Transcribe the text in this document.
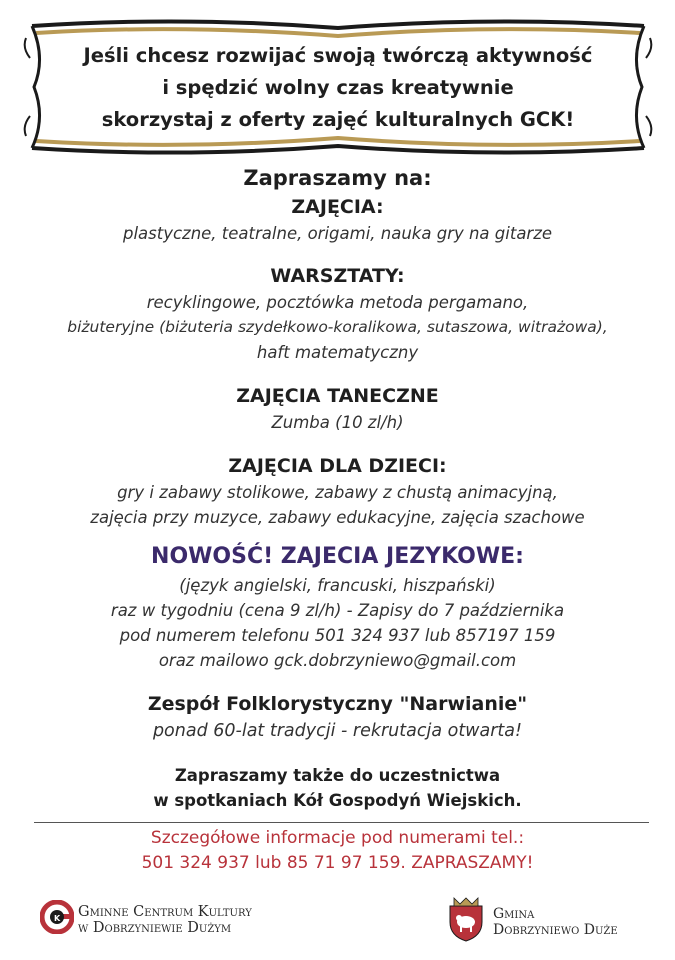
Jeśli chcesz rozwijać swoją twórczą aktywność
i spędzić wolny czas kreatywnie
skorzystaj z oferty zajęć kulturalnych GCK!
Zapraszamy na:
ZAJĘCIA:
plastyczne, teatralne, origami, nauka gry na gitarze
WARSZTATY:
recyklingowe, pocztówka metoda pergamano,
biżuteryjne (biżuteria szydełkowo-koralikowa, sutaszowa, witrażowa),
haft matematyczny
ZAJĘCIA TANECZNE
Zumba (10 zl/h)
ZAJĘCIA DLA DZIECI:
gry i zabawy stolikowe, zabawy z chustą animacyjną,
zajęcia przy muzyce, zabawy edukacyjne, zajęcia szachowe
NOWOŚĆ! ZAJECIA JEZYKOWE:
(język angielski, francuski, hiszpański)
raz w tygodniu (cena 9 zl/h) - Zapisy do 7 października
pod numerem telefonu 501 324 937 lub 857197 159
oraz mailowo gck.dobrzyniewo@gmail.com
Zespół Folklorystyczny "Narwianie"
ponad 60-lat tradycji - rekrutacja otwarta!
Zapraszamy także do uczestnictwa
w spotkaniach Kół Gospodyń Wiejskich.
Szczegółowe informacje pod numerami tel.:
501 324 937 lub 85 71 97 159. ZAPRASZAMY!
K Gminne Centrum Kultury
w Dobrzyniewie Dużym
Gmina
Dobrzyniewo Duże
